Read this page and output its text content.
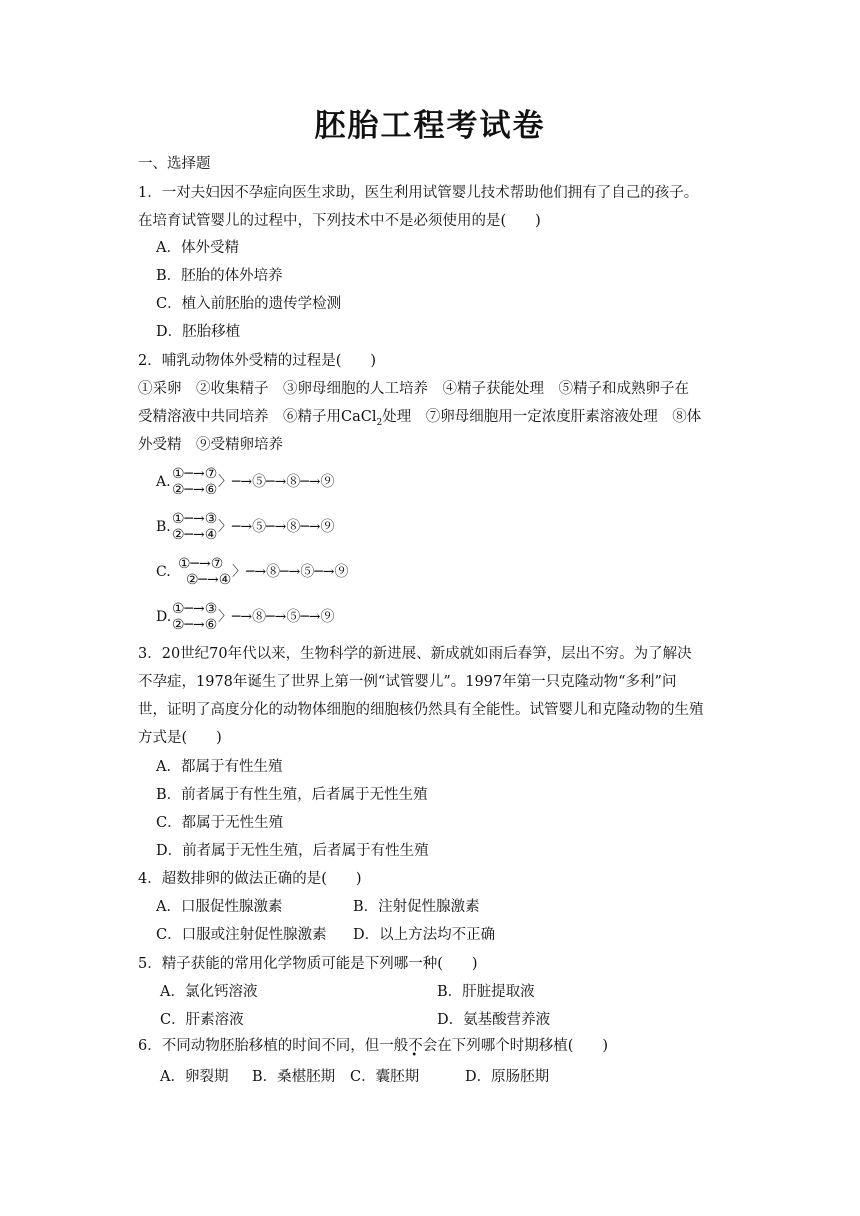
胚胎工程考试卷
一、选择题
1．一对夫妇因不孕症向医生求助，医生利用试管婴儿技术帮助他们拥有了自己的孩子。
在培育试管婴儿的过程中，下列技术中不是必须使用的是(　　)
A．体外受精
B．胚胎的体外培养
C．植入前胚胎的遗传学检测
D．胚胎移植
2．哺乳动物体外受精的过程是(　　)
①采卵　②收集精子　③卵母细胞的人工培养　④精子获能处理　⑤精子和成熟卵子在
受精溶液中共同培养　⑥精子用CaCl$_2$处理　⑦卵母细胞用一定浓度肝素溶液处理　⑧体
外受精　⑨受精卵培养
A. ①─→⑦
②─→⑥ 〉─→⑤─→⑧─→⑨
B. ①─→③
②─→④ 〉─→⑤─→⑧─→⑨
C. ①─→⑦
②─→④ 〉─→⑧─→⑤─→⑨
D. ①─→③
②─→⑥ 〉─→⑧─→⑤─→⑨
3．20世纪70年代以来，生物科学的新进展、新成就如雨后春笋，层出不穷。为了解决
不孕症，1978年诞生了世界上第一例“试管婴儿”。1997年第一只克隆动物“多利”问
世，证明了高度分化的动物体细胞的细胞核仍然具有全能性。试管婴儿和克隆动物的生殖
方式是(　　)
A．都属于有性生殖
B．前者属于有性生殖，后者属于无性生殖
C．都属于无性生殖
D．前者属于无性生殖，后者属于有性生殖
4．超数排卵的做法正确的是(　　)
A．口服促性腺激素	B．注射促性腺激素
C．口服或注射促性腺激素 D．以上方法均不正确
5．精子获能的常用化学物质可能是下列哪一种(　　)
A．氯化钙溶液	B．肝脏提取液
C．肝素溶液	D．氨基酸营养液
6．不同动物胚胎移植的时间不同，但一般不会在下列哪个时期移植(　　)
A．卵裂期 B．桑椹胚期 C．囊胚期	D．原肠胚期
